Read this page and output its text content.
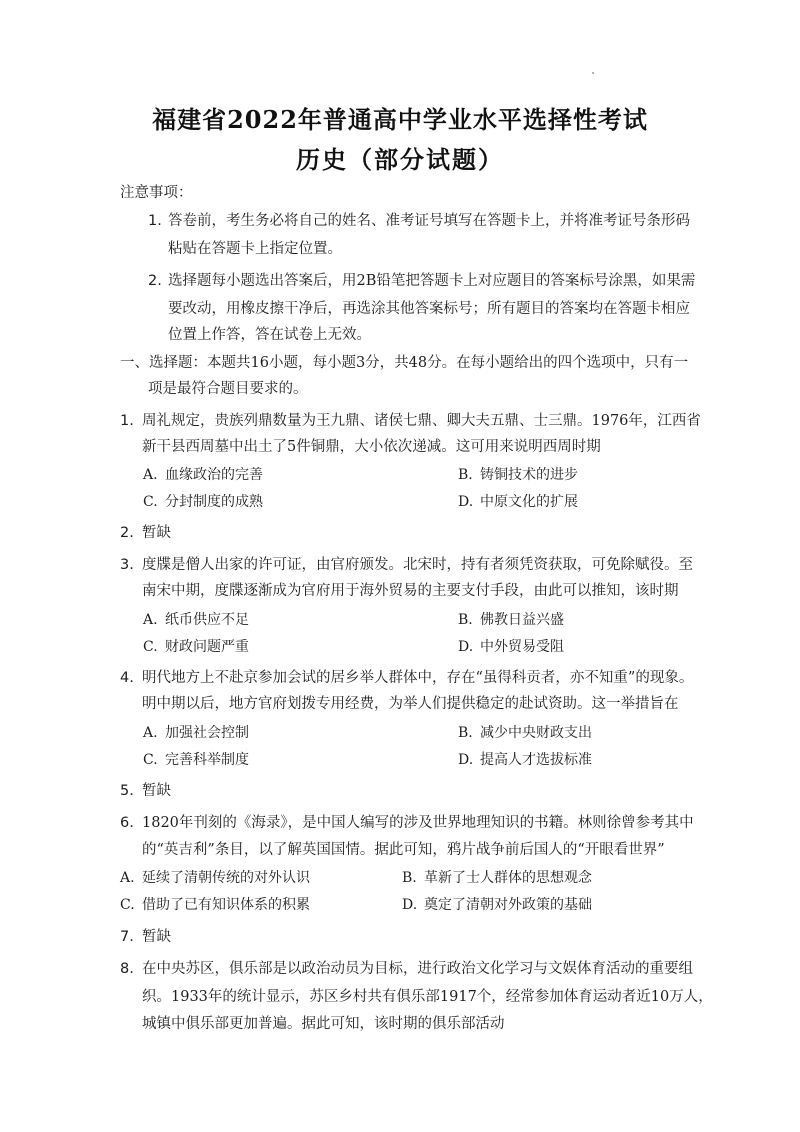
福建省2022年普通高中学业水平选择性考试
历史（部分试题）
注意事项：
1. 答卷前，考生务必将自己的姓名、准考证号填写在答题卡上，并将准考证号条形码
粘贴在答题卡上指定位置。
2. 选择题每小题选出答案后，用2B铅笔把答题卡上对应题目的答案标号涂黑，如果需
要改动，用橡皮擦干净后，再选涂其他答案标号；所有题目的答案均在答题卡相应
位置上作答，答在试卷上无效。
一、选择题：本题共16小题，每小题3分，共48分。在每小题给出的四个选项中，只有一
项是最符合题目要求的。
1. 周礼规定，贵族列鼎数量为王九鼎、诸侯七鼎、卿大夫五鼎、士三鼎。1976年，江西省
新干县西周墓中出土了5件铜鼎，大小依次递减。这可用来说明西周时期
A. 血缘政治的完善	B. 铸铜技术的进步
C. 分封制度的成熟	D. 中原文化的扩展
2. 暂缺
3. 度牒是僧人出家的许可证，由官府颁发。北宋时，持有者须凭资获取，可免除赋役。至
南宋中期，度牒逐渐成为官府用于海外贸易的主要支付手段，由此可以推知，该时期
A. 纸币供应不足	B. 佛教日益兴盛
C. 财政问题严重	D. 中外贸易受阻
4. 明代地方上不赴京参加会试的居乡举人群体中，存在“虽得科贡者，亦不知重”的现象。
明中期以后，地方官府划拨专用经费，为举人们提供稳定的赴试资助。这一举措旨在
A. 加强社会控制	B. 减少中央财政支出
C. 完善科举制度	D. 提高人才选拔标准
5. 暂缺
6. 1820年刊刻的《海录》，是中国人编写的涉及世界地理知识的书籍。林则徐曾参考其中
的“英吉利”条目，以了解英国国情。据此可知，鸦片战争前后国人的“开眼看世界”
A. 延续了清朝传统的对外认识	B. 革新了士人群体的思想观念
C. 借助了已有知识体系的积累	D. 奠定了清朝对外政策的基础
7. 暂缺
8. 在中央苏区，俱乐部是以政治动员为目标，进行政治文化学习与文娱体育活动的重要组
织。1933年的统计显示，苏区乡村共有俱乐部1917个，经常参加体育运动者近10万人，
城镇中俱乐部更加普遍。据此可知，该时期的俱乐部活动
